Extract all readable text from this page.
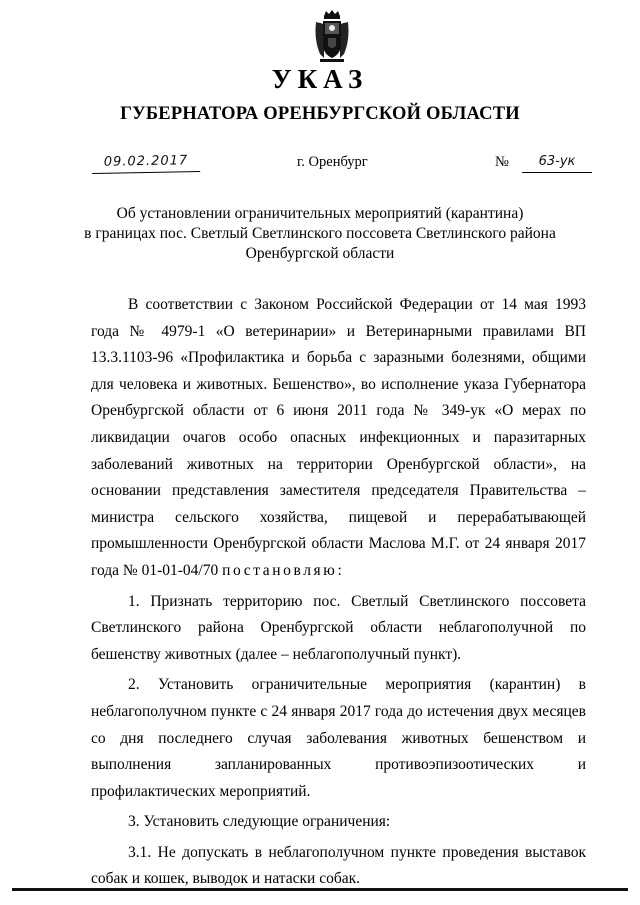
УКАЗ
ГУБЕРНАТОРА ОРЕНБУРГСКОЙ ОБЛАСТИ
09.02.2017	г. Оренбург	№	63-ук
Об установлении ограничительных мероприятий (карантина)
в границах пос. Светлый Светлинского поссовета Светлинского района
Оренбургской области

В соответствии с Законом Российской Федерации от 14 мая 1993 года № 4979-1 «О ветеринарии» и Ветеринарными правилами ВП 13.3.1103-96 «Профилактика и борьба с заразными болезнями, общими для человека и животных. Бешенство», во исполнение указа Губернатора Оренбургской области от 6 июня 2011 года № 349-ук «О мерах по ликвидации очагов особо опасных инфекционных и паразитарных заболеваний животных на территории Оренбургской области», на основании представления заместителя председателя Правительства – министра сельского хозяйства, пищевой и перерабатывающей промышленности Оренбургской области Маслова М.Г. от 24 января 2017 года № 01-01-04/70 постановляю:

1. Признать территорию пос. Светлый Светлинского поссовета Светлинского района Оренбургской области неблагополучной по бешенству животных (далее – неблагополучный пункт).

2. Установить ограничительные мероприятия (карантин) в неблагополучном пункте с 24 января 2017 года до истечения двух месяцев со дня последнего случая заболевания животных бешенством и выполнения запланированных противоэпизоотических и профилактических мероприятий.

3. Установить следующие ограничения:

3.1. Не допускать в неблагополучном пункте проведения выставок собак и кошек, выводок и натаски собак.
